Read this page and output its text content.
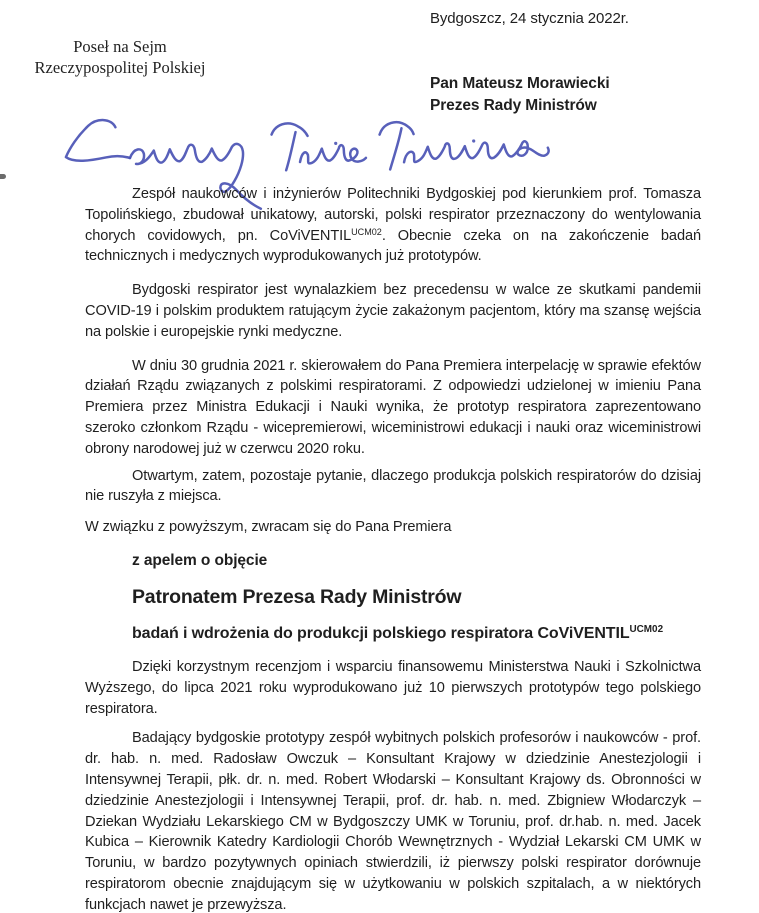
Bydgoszcz, 24 stycznia 2022r.
Poseł na Sejm
Rzeczypospolitej Polskiej
Pan Mateusz Morawiecki
Prezes Rady Ministrów

Zespół naukowców i inżynierów Politechniki Bydgoskiej pod kierunkiem prof. Tomasza Topolińskiego, zbudował unikatowy, autorski, polski respirator przeznaczony do wentylowania chorych covidowych, pn. CoViVENTIL$^{UCM02}$. Obecnie czeka on na zakończenie badań technicznych i medycznych wyprodukowanych już prototypów.

Bydgoski respirator jest wynalazkiem bez precedensu w walce ze skutkami pandemii COVID-19 i polskim produktem ratującym życie zakażonym pacjentom, który ma szansę wejścia na polskie i europejskie rynki medyczne.

W dniu 30 grudnia 2021 r. skierowałem do Pana Premiera interpelację w sprawie efektów działań Rządu związanych z polskimi respiratorami. Z odpowiedzi udzielonej w imieniu Pana Premiera przez Ministra Edukacji i Nauki wynika, że prototyp respiratora zaprezentowano szeroko członkom Rządu - wicepremierowi, wiceministrowi edukacji i nauki oraz wiceministrowi obrony narodowej już w czerwcu 2020 roku.

Otwartym, zatem, pozostaje pytanie, dlaczego produkcja polskich respiratorów do dzisiaj nie ruszyła z miejsca.

W związku z powyższym, zwracam się do Pana Premiera

z apelem o objęcie

Patronatem Prezesa Rady Ministrów

badań i wdrożenia do produkcji polskiego respiratora CoViVENTIL$^{UCM02}$

Dzięki korzystnym recenzjom i wsparciu finansowemu Ministerstwa Nauki i Szkolnictwa Wyższego, do lipca 2021 roku wyprodukowano już 10 pierwszych prototypów tego polskiego respiratora.

Badający bydgoskie prototypy zespół wybitnych polskich profesorów i naukowców - prof. dr. hab. n. med. Radosław Owczuk – Konsultant Krajowy w dziedzinie Anestezjologii i Intensywnej Terapii, płk. dr. n. med. Robert Włodarski – Konsultant Krajowy ds. Obronności w dziedzinie Anestezjologii i Intensywnej Terapii, prof. dr. hab. n. med. Zbigniew Włodarczyk – Dziekan Wydziału Lekarskiego CM w Bydgoszczy UMK w Toruniu, prof. dr.hab. n. med. Jacek Kubica – Kierownik Katedry Kardiologii Chorób Wewnętrznych - Wydział Lekarski CM UMK w Toruniu, w bardzo pozytywnych opiniach stwierdzili, iż pierwszy polski respirator dorównuje respiratorom obecnie znajdującym się w użytkowaniu w polskich szpitalach, a w niektórych funkcjach nawet je przewyższa.
